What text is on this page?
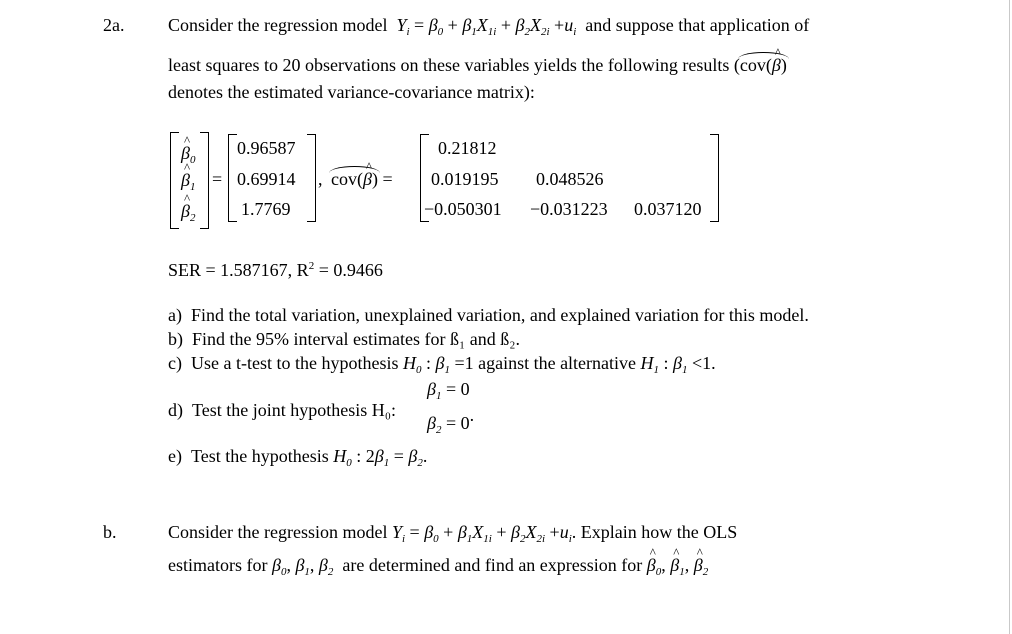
2a. Consider the regression model $Y_i = \beta_0 + \beta_1X_{1i} + \beta_2X_{2i} +u_i$ and suppose that application of
least squares to 20 observations on these variables yields the following results (cov(^ β)
denotes the estimated variance-covariance matrix):
^ $\beta_0$
^ $\beta_1$
^ $\beta_2$
=
0.96587
0.69914
1.7769
, cov(^ β) =
0.21812
0.019195 0.048526
−0.050301 −0.031223 0.037120
SER = 1.587167, $R^2 = 0.9466$
a) Find the total variation, unexplained variation, and explained variation for this model.
b) Find the 95% interval estimates for ß₁ and ß₂.
c) Use a t-test to the hypothesis $H_0$ : $\beta_1 =1$ against the alternative $H_1$ : $\beta_1 <1$.
d) Test the joint hypothesis H₀:
$\beta_1 = 0$
$\beta_2 = 0$.
e) Test the hypothesis $H_0$ : $2\beta_1 = \beta_2$.
b.	Consider the regression model $Y_i = \beta_0 + \beta_1X_{1i} + \beta_2X_{2i} +u_i$. Explain how the OLS
estimators for $\beta_0$, $\beta_1$, $\beta_2$ are determined and find an expression for ^ $\beta_0$, ^ $\beta_1$, ^ $\beta_2$
